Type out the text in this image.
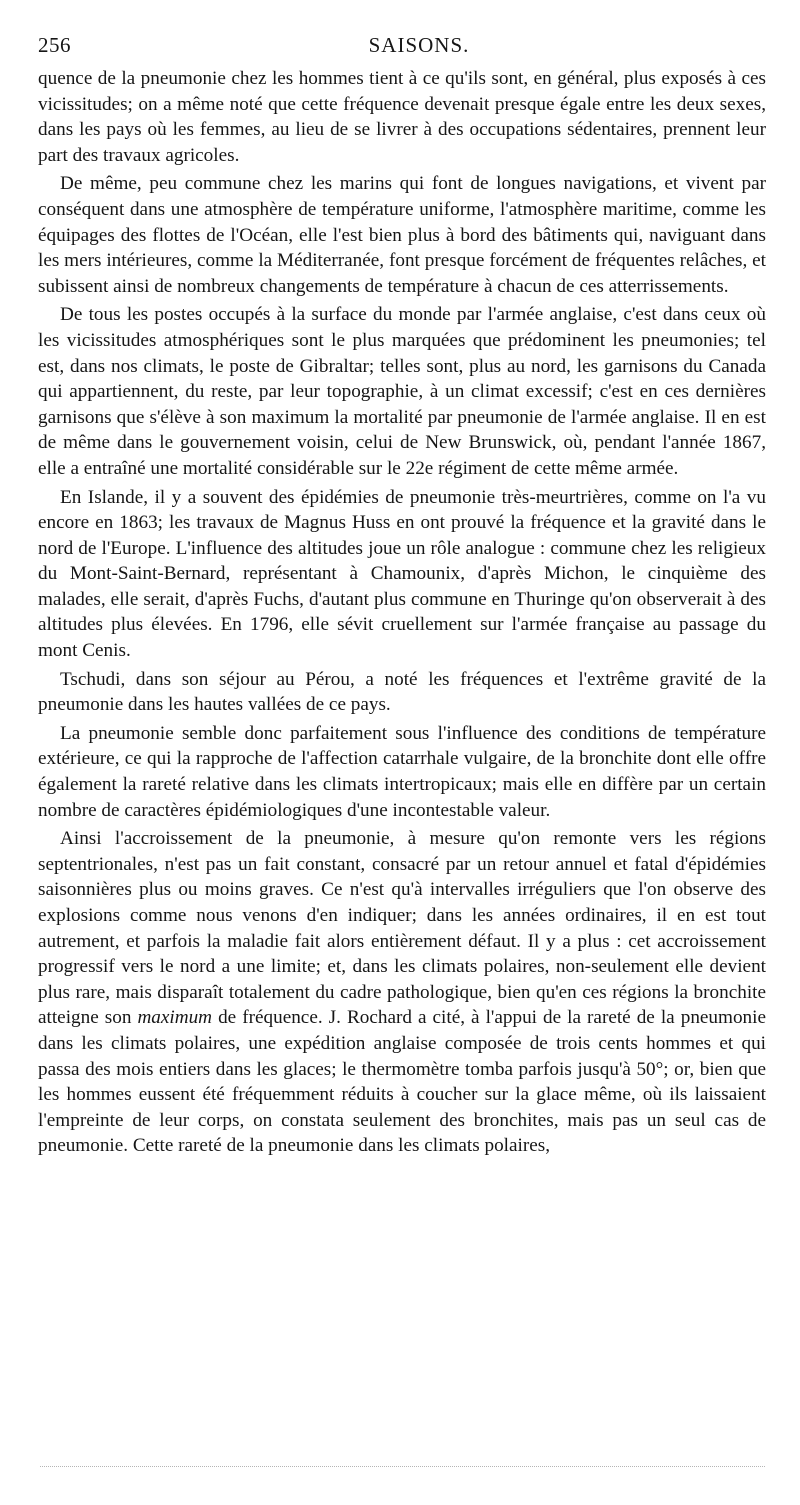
256	SAISONS.

quence de la pneumonie chez les hommes tient à ce qu'ils sont, en général, plus exposés à ces vicissitudes; on a même noté que cette fréquence devenait presque égale entre les deux sexes, dans les pays où les femmes, au lieu de se livrer à des occupations sédentaires, prennent leur part des travaux agricoles.

De même, peu commune chez les marins qui font de longues navigations, et vivent par conséquent dans une atmosphère de température uniforme, l'atmosphère maritime, comme les équipages des flottes de l'Océan, elle l'est bien plus à bord des bâtiments qui, naviguant dans les mers intérieures, comme la Méditerranée, font presque forcément de fréquentes relâches, et subissent ainsi de nombreux changements de température à chacun de ces atterrissements.

De tous les postes occupés à la surface du monde par l'armée anglaise, c'est dans ceux où les vicissitudes atmosphériques sont le plus marquées que prédominent les pneumonies; tel est, dans nos climats, le poste de Gibraltar; telles sont, plus au nord, les garnisons du Canada qui appartiennent, du reste, par leur topographie, à un climat excessif; c'est en ces dernières garnisons que s'élève à son maximum la mortalité par pneumonie de l'armée anglaise. Il en est de même dans le gouvernement voisin, celui de New Brunswick, où, pendant l'année 1867, elle a entraîné une mortalité considérable sur le 22e régiment de cette même armée.

En Islande, il y a souvent des épidémies de pneumonie très-meurtrières, comme on l'a vu encore en 1863; les travaux de Magnus Huss en ont prouvé la fréquence et la gravité dans le nord de l'Europe. L'influence des altitudes joue un rôle analogue : commune chez les religieux du Mont-Saint-Bernard, représentant à Chamounix, d'après Michon, le cinquième des malades, elle serait, d'après Fuchs, d'autant plus commune en Thuringe qu'on observerait à des altitudes plus élevées. En 1796, elle sévit cruellement sur l'armée française au passage du mont Cenis.

Tschudi, dans son séjour au Pérou, a noté les fréquences et l'extrême gravité de la pneumonie dans les hautes vallées de ce pays.

La pneumonie semble donc parfaitement sous l'influence des conditions de température extérieure, ce qui la rapproche de l'affection catarrhale vulgaire, de la bronchite dont elle offre également la rareté relative dans les climats intertropicaux; mais elle en diffère par un certain nombre de caractères épidémiologiques d'une incontestable valeur.

Ainsi l'accroissement de la pneumonie, à mesure qu'on remonte vers les régions septentrionales, n'est pas un fait constant, consacré par un retour annuel et fatal d'épidémies saisonnières plus ou moins graves. Ce n'est qu'à intervalles irréguliers que l'on observe des explosions comme nous venons d'en indiquer; dans les années ordinaires, il en est tout autrement, et parfois la maladie fait alors entièrement défaut. Il y a plus : cet accroissement progressif vers le nord a une limite; et, dans les climats polaires, non-seulement elle devient plus rare, mais disparaît totalement du cadre pathologique, bien qu'en ces régions la bronchite atteigne son maximum de fréquence. J. Rochard a cité, à l'appui de la rareté de la pneumonie dans les climats polaires, une expédition anglaise composée de trois cents hommes et qui passa des mois entiers dans les glaces; le thermomètre tomba parfois jusqu'à 50°; or, bien que les hommes eussent été fréquemment réduits à coucher sur la glace même, où ils laissaient l'empreinte de leur corps, on constata seulement des bronchites, mais pas un seul cas de pneumonie. Cette rareté de la pneumonie dans les climats polaires,
